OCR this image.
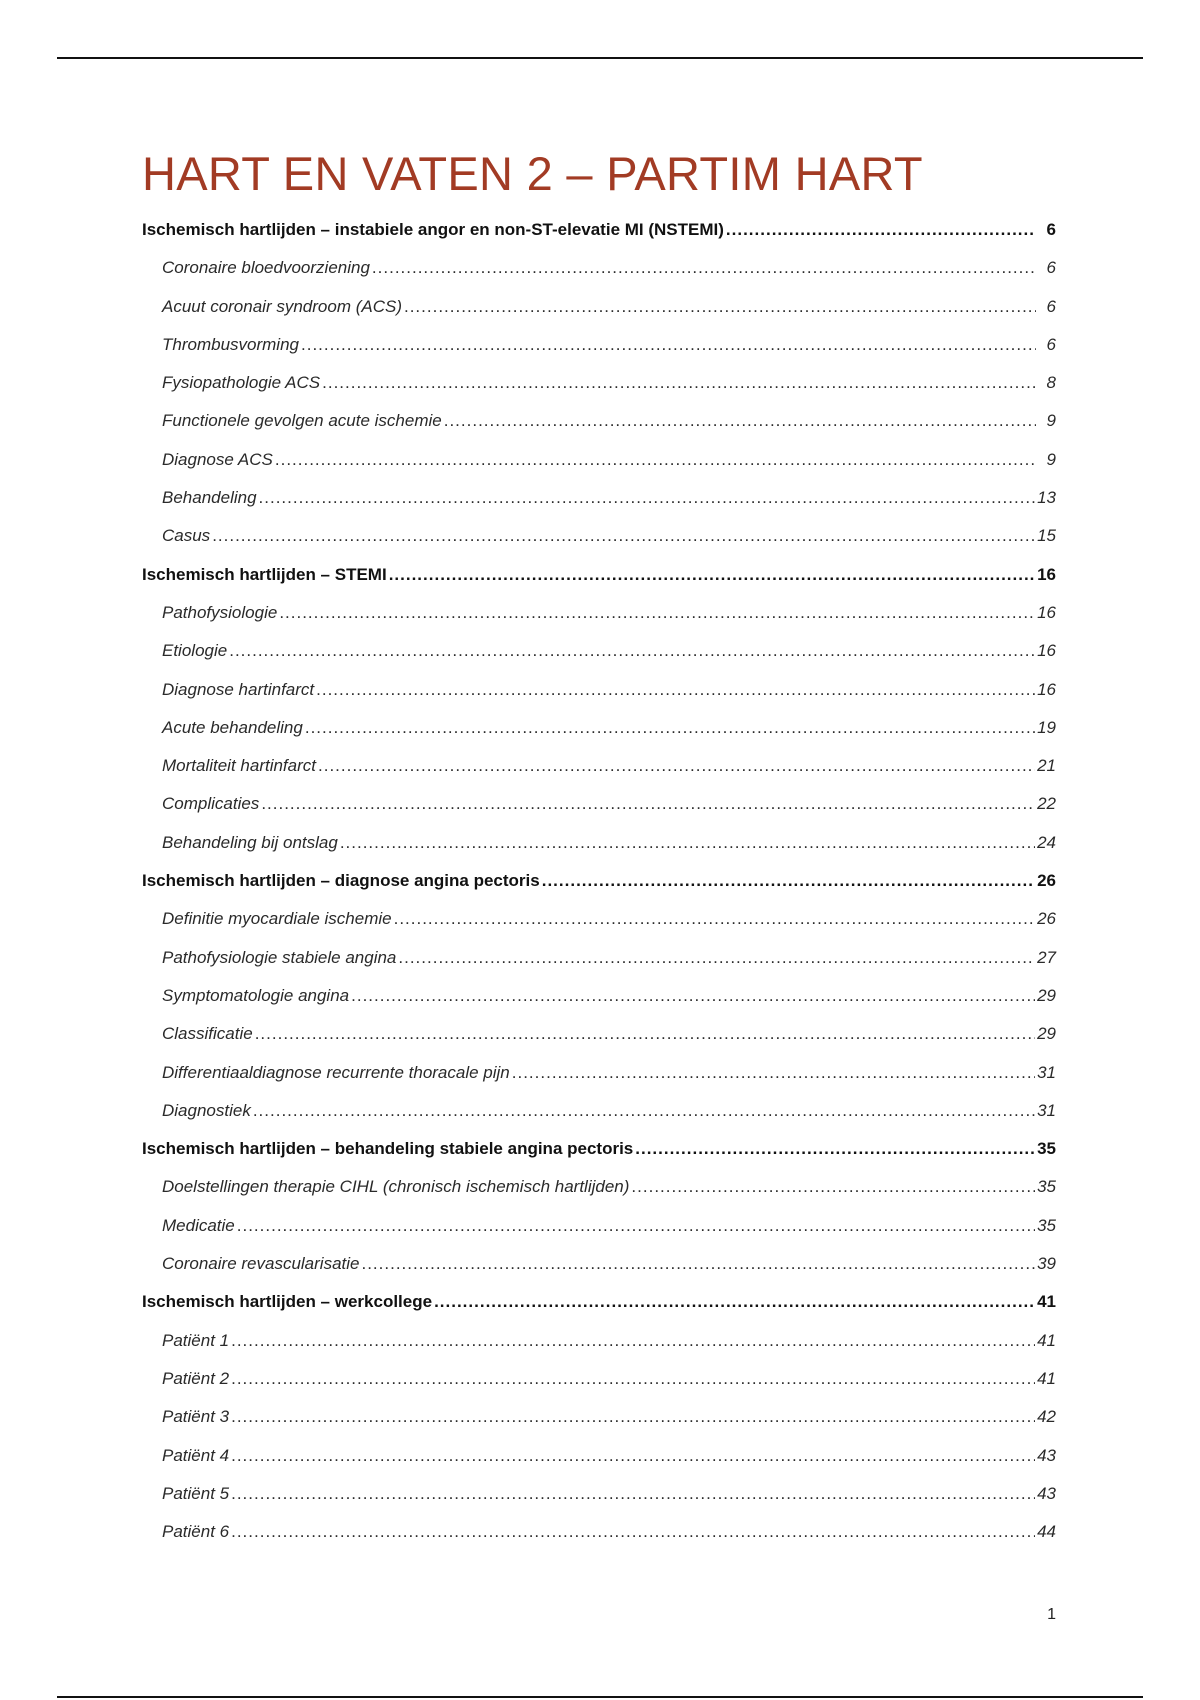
HART EN VATEN 2 – PARTIM HART
Ischemisch hartlijden – instabiele angor en non-ST-elevatie MI (NSTEMI) .....	6
Coronaire bloedvoorziening .....	6
Acuut coronair syndroom (ACS) .....	6
Thrombusvorming .....	6
Fysiopathologie ACS .....	8
Functionele gevolgen acute ischemie .....	9
Diagnose ACS .....	9
Behandeling .....	13
Casus .....	15
Ischemisch hartlijden – STEMI .....	16
Pathofysiologie .....	16
Etiologie .....	16
Diagnose hartinfarct .....	16
Acute behandeling .....	19
Mortaliteit hartinfarct .....	21
Complicaties .....	22
Behandeling bij ontslag .....	24
Ischemisch hartlijden – diagnose angina pectoris .....	26
Definitie myocardiale ischemie .....	26
Pathofysiologie stabiele angina .....	27
Symptomatologie angina .....	29
Classificatie .....	29
Differentiaaldiagnose recurrente thoracale pijn .....	31
Diagnostiek .....	31
Ischemisch hartlijden – behandeling stabiele angina pectoris .....	35
Doelstellingen therapie CIHL (chronisch ischemisch hartlijden) .....	35
Medicatie .....	35
Coronaire revascularisatie .....	39
Ischemisch hartlijden – werkcollege .....	41
Patiënt 1 .....	41
Patiënt 2 .....	41
Patiënt 3 .....	42
Patiënt 4 .....	43
Patiënt 5 .....	43
Patiënt 6 .....	44
1
